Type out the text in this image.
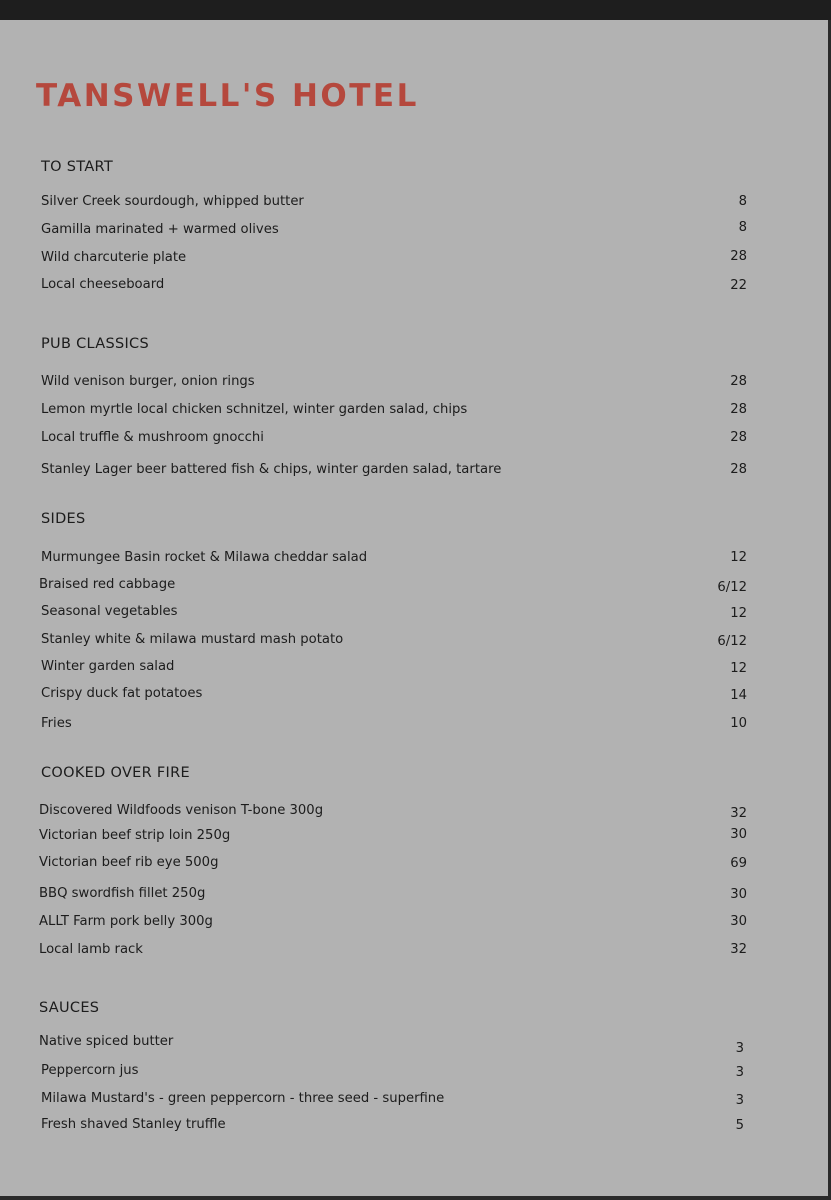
TANSWELL'S HOTEL
TO START
Silver Creek sourdough, whipped butter	8
Gamilla marinated + warmed olives	8
Wild charcuterie plate	28
Local cheeseboard	22
PUB CLASSICS
Wild venison burger, onion rings	28
Lemon myrtle local chicken schnitzel, winter garden salad, chips	28
Local truffle & mushroom gnocchi	28
Stanley Lager beer battered fish & chips, winter garden salad, tartare	28
SIDES
Murmungee Basin rocket & Milawa cheddar salad	12
Braised red cabbage	6/12
Seasonal vegetables	12
Stanley white & milawa mustard mash potato	6/12
Winter garden salad	12
Crispy duck fat potatoes	14
Fries	10
COOKED OVER FIRE
Discovered Wildfoods venison T-bone 300g	32
Victorian beef strip loin 250g	30
Victorian beef rib eye 500g	69
BBQ swordfish fillet 250g	30
ALLT Farm pork belly 300g	30
Local lamb rack	32
SAUCES
Native spiced butter	3
Peppercorn jus	3
Milawa Mustard's - green peppercorn - three seed - superfine	3
Fresh shaved Stanley truffle	5
